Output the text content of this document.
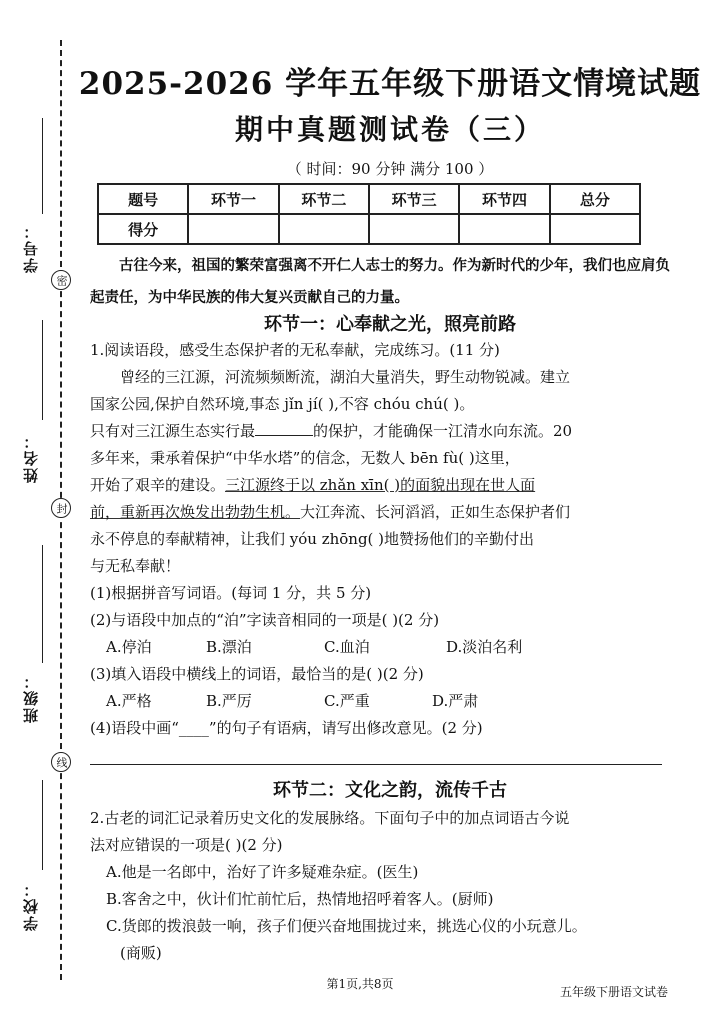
学号：
密
姓名：
封
班级：
线
学校：
2025-2026 学年五年级下册语文情境试题
期中真题测试卷（三）
（ 时间：90 分钟 满分 100 ）
题号	环节一	环节二	环节三	环节四	总分
得分					
古往今来，祖国的繁荣富强离不开仁人志士的努力。作为新时代的少年，我们也应肩负起责任，为中华民族的伟大复兴贡献自己的力量。
环节一：心奉献之光，照亮前路
1.阅读语段，感受生态保护者的无私奉献，完成练习。(11 分)
曾经的三江源，河流频频断流，湖泊大量消失，野生动物锐减。建立
国家公园,保护自然环境,事态 jǐn jí( ),不容 chóu chú( )。
只有对三江源生态实行最	的保护，才能确保一江清水向东流。20
多年来，秉承着保护“中华水塔”的信念，无数人 bēn fù( )这里，
开始了艰辛的建设。三江源终于以 zhǎn xīn( )的面貌出现在世人面
前，重新再次焕发出勃勃生机。大江奔流、长河滔滔，正如生态保护者们
永不停息的奉献精神，让我们 yóu zhōng( )地赞扬他们的辛勤付出
与无私奉献！
(1)根据拼音写词语。(每词 1 分，共 5 分)
(2)与语段中加点的“泊”字读音相同的一项是( )(2 分)
A.停泊	B.漂泊	C.血泊	D.淡泊名利
(3)填入语段中横线上的词语，最恰当的是( )(2 分)
A.严格	B.严厉	C.严重	D.严肃
(4)语段中画“____”的句子有语病，请写出修改意见。(2 分)
环节二：文化之韵，流传千古
2.古老的词汇记录着历史文化的发展脉络。下面句子中的加点词语古今说
法对应错误的一项是( )(2 分)
A.他是一名郎中，治好了许多疑难杂症。(医生)
B.客舍之中，伙计们忙前忙后，热情地招呼着客人。(厨师)
C.货郎的拨浪鼓一响，孩子们便兴奋地围拢过来，挑选心仪的小玩意儿。
(商贩)
第1页,共8页
五年级下册语文试卷
